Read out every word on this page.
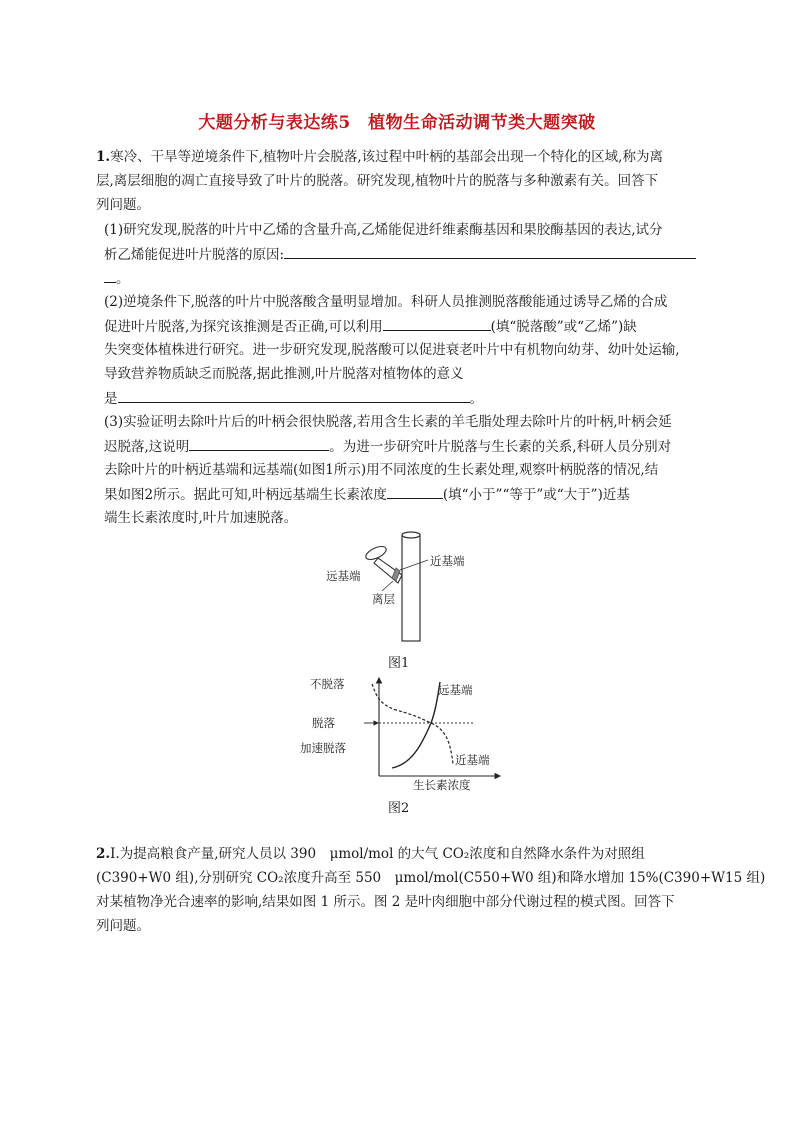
大题分析与表达练5　植物生命活动调节类大题突破
1.寒冷、干旱等逆境条件下,植物叶片会脱落,该过程中叶柄的基部会出现一个特化的区域,称为离
层,离层细胞的凋亡直接导致了叶片的脱落。研究发现,植物叶片的脱落与多种激素有关。回答下
列问题。
(1)研究发现,脱落的叶片中乙烯的含量升高,乙烯能促进纤维素酶基因和果胶酶基因的表达,试分
析乙烯能促进叶片脱落的原因:
。
(2)逆境条件下,脱落的叶片中脱落酸含量明显增加。科研人员推测脱落酸能通过诱导乙烯的合成
促进叶片脱落,为探究该推测是否正确,可以利用	(填“脱落酸”或“乙烯”)缺
失突变体植株进行研究。进一步研究发现,脱落酸可以促进衰老叶片中有机物向幼芽、幼叶处运输,
导致营养物质缺乏而脱落,据此推测,叶片脱落对植物体的意义
是	。
(3)实验证明去除叶片后的叶柄会很快脱落,若用含生长素的羊毛脂处理去除叶片的叶柄,叶柄会延
迟脱落,这说明	。为进一步研究叶片脱落与生长素的关系,科研人员分别对
去除叶片的叶柄近基端和远基端(如图1所示)用不同浓度的生长素处理,观察叶柄脱落的情况,结
果如图2所示。据此可知,叶柄远基端生长素浓度	(填“小于”“等于”或“大于”)近基
端生长素浓度时,叶片加速脱落。
远基端
近基端
离层
图1
不脱落
脱落
加速脱落
远基端
近基端
生长素浓度
图2
2.Ⅰ.为提高粮食产量,研究人员以 390　μmol/mol 的大气 CO₂浓度和自然降水条件为对照组
(C390+W0 组),分别研究 CO₂浓度升高至 550　μmol/mol(C550+W0 组)和降水增加 15%(C390+W15 组)
对某植物净光合速率的影响,结果如图 1 所示。图 2 是叶肉细胞中部分代谢过程的模式图。回答下
列问题。
